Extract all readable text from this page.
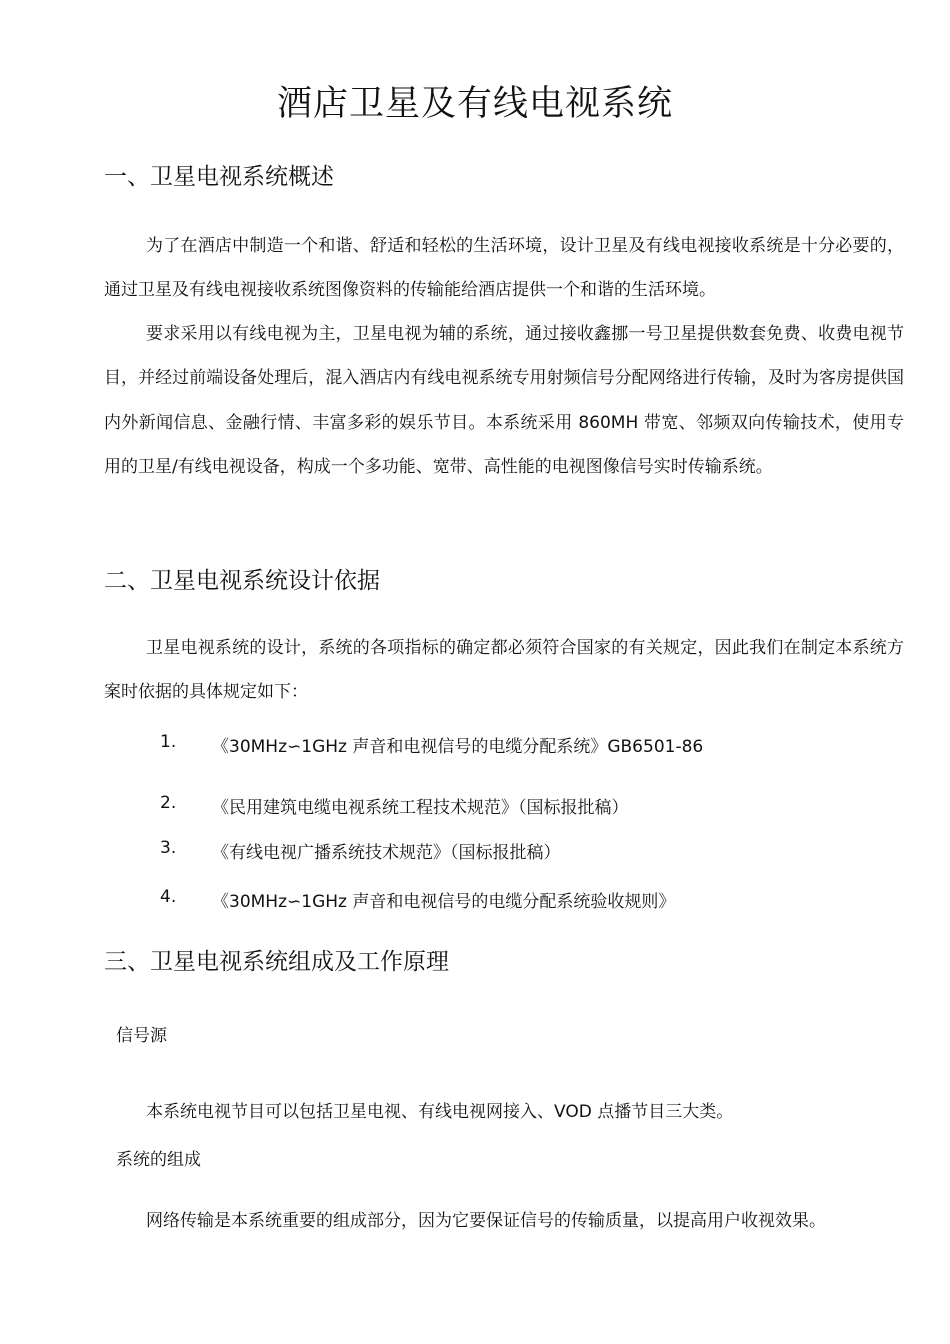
酒店卫星及有线电视系统
一、卫星电视系统概述
为了在酒店中制造一个和谐、舒适和轻松的生活环境，设计卫星及有线电视接收系统是十分必要的，通过卫星及有线电视接收系统图像资料的传输能给酒店提供一个和谐的生活环境。
要求采用以有线电视为主，卫星电视为辅的系统，通过接收鑫挪一号卫星提供数套免费、收费电视节目，并经过前端设备处理后，混入酒店内有线电视系统专用射频信号分配网络进行传输，及时为客房提供国内外新闻信息、金融行情、丰富多彩的娱乐节目。本系统采用 860MH 带宽、邻频双向传输技术，使用专用的卫星/有线电视设备，构成一个多功能、宽带、高性能的电视图像信号实时传输系统。
二、卫星电视系统设计依据
卫星电视系统的设计，系统的各项指标的确定都必须符合国家的有关规定，因此我们在制定本系统方案时依据的具体规定如下：
1. 《30MHz∽1GHz 声音和电视信号的电缆分配系统》GB6501-86
2. 《民用建筑电缆电视系统工程技术规范》（国标报批稿）
3. 《有线电视广播系统技术规范》（国标报批稿）
4. 《30MHz∽1GHz 声音和电视信号的电缆分配系统验收规则》
三、卫星电视系统组成及工作原理
信号源
本系统电视节目可以包括卫星电视、有线电视网接入、VOD 点播节目三大类。
系统的组成
网络传输是本系统重要的组成部分，因为它要保证信号的传输质量，以提高用户收视效果。
